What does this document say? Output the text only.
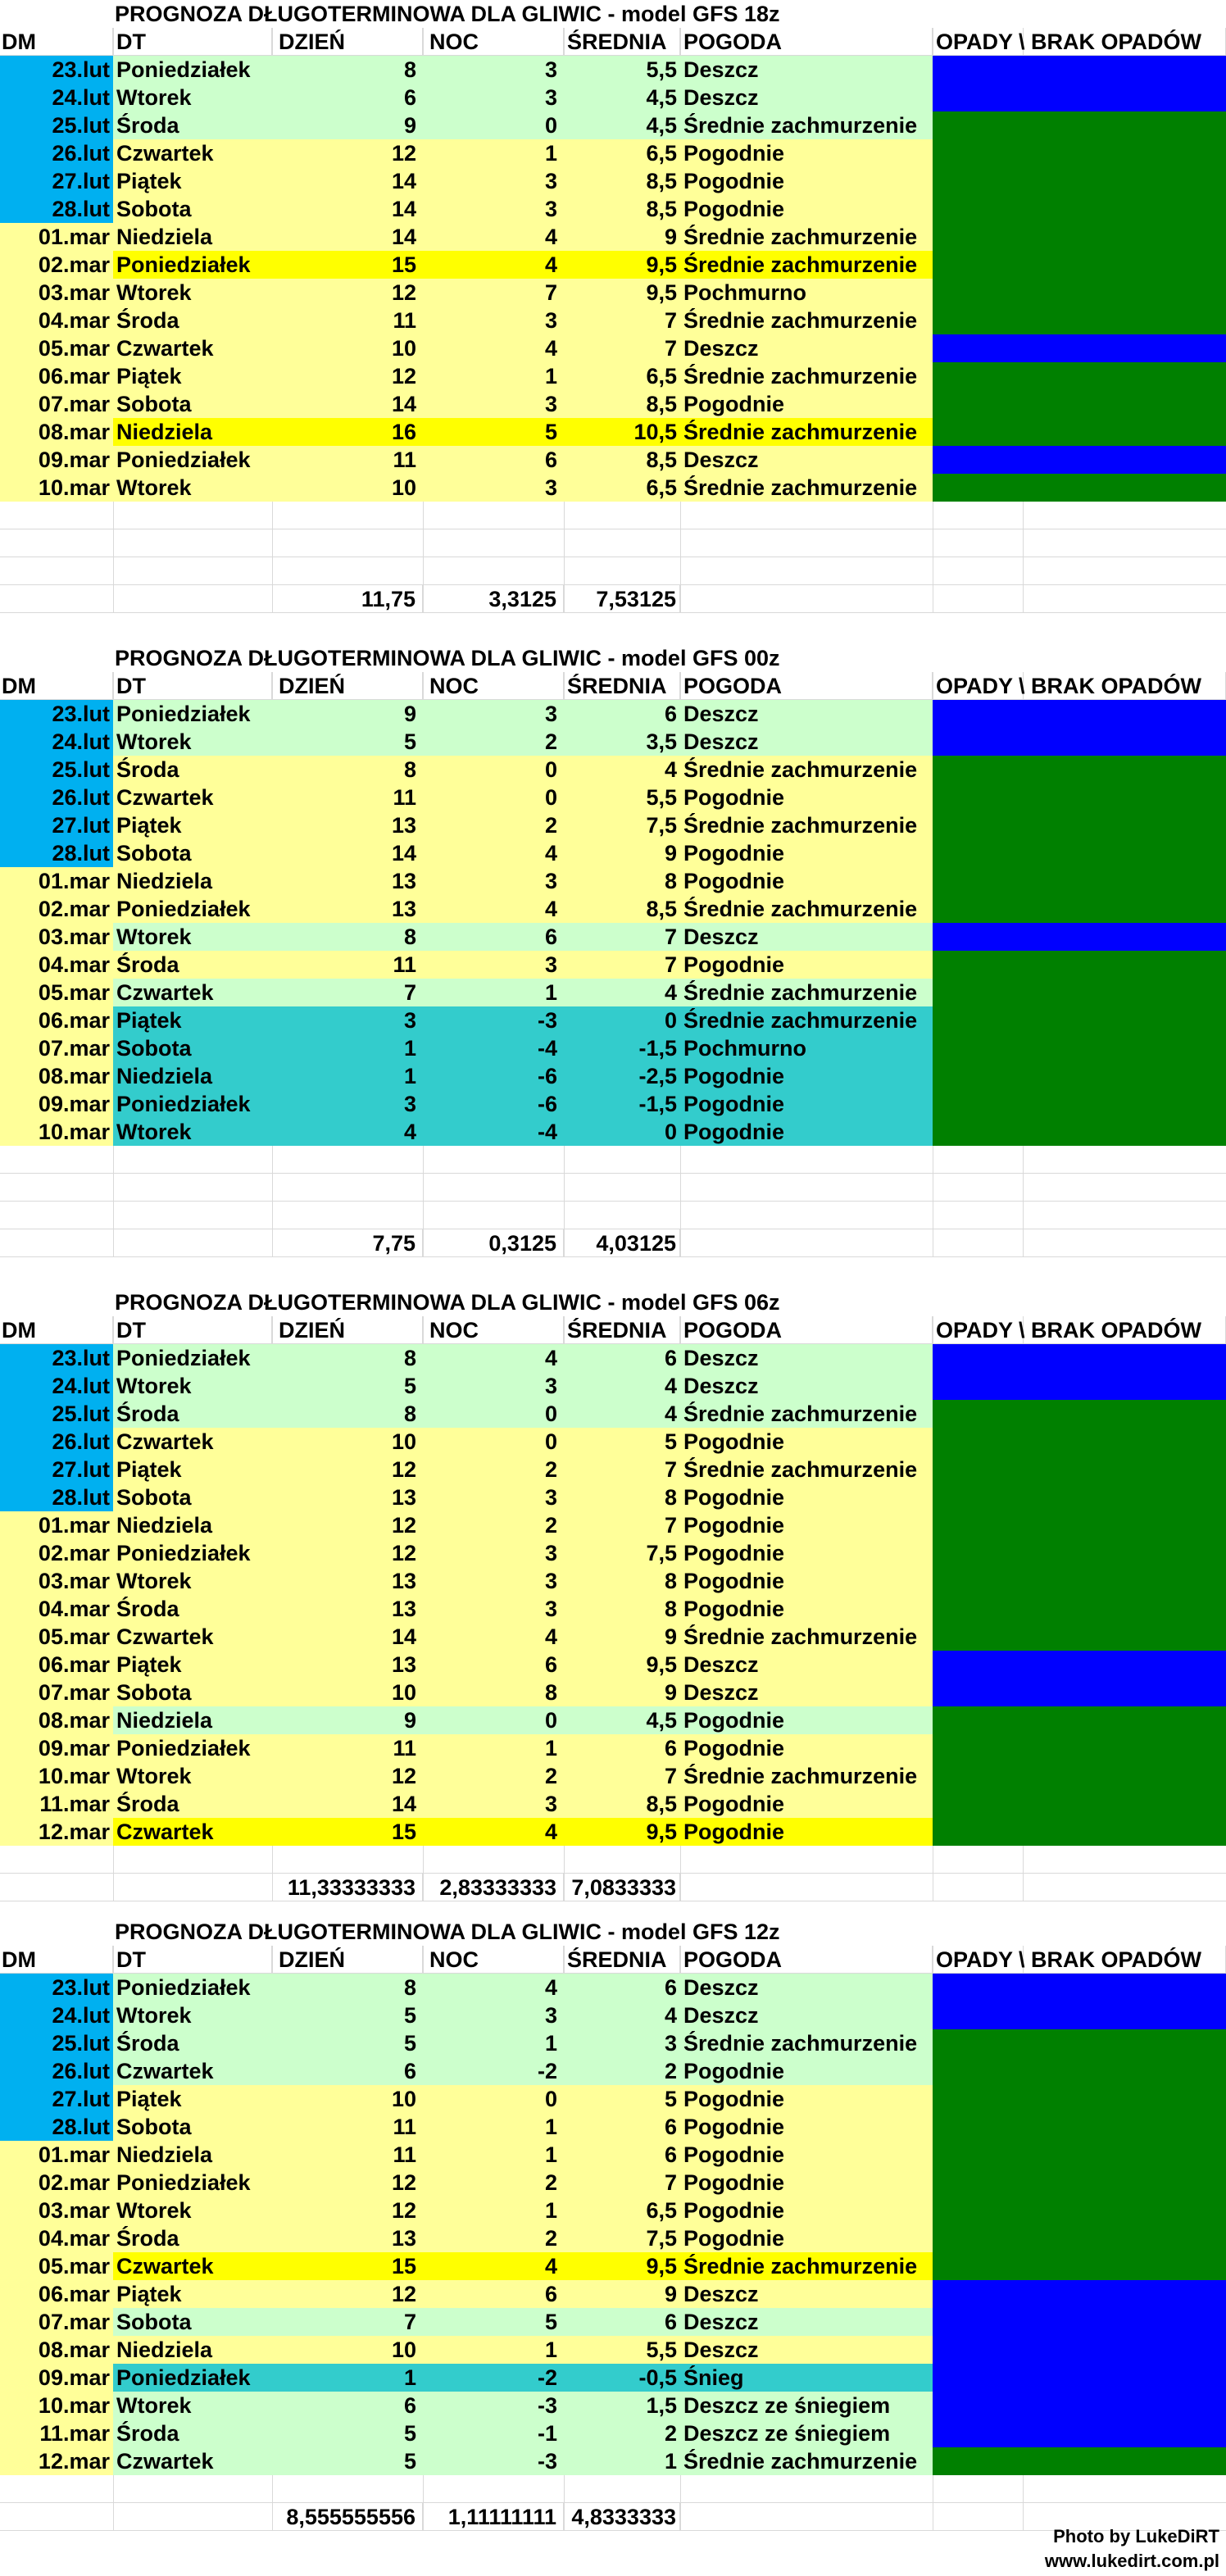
PROGNOZA DŁUGOTERMINOWA DLA GLIWIC - model GFS 18z
DM	DT	DZIEŃ	NOC	ŚREDNIA POGODA	OPADY \ BRAK OPADÓW
23.lut Poniedziałek	8	3	5,5 Deszcz
24.lut Wtorek	6	3	4,5 Deszcz
25.lut Środa	9	0	4,5 Średnie zachmurzenie
26.lut Czwartek	12	1	6,5 Pogodnie
27.lut Piątek	14	3	8,5 Pogodnie
28.lut Sobota	14	3	8,5 Pogodnie
01.mar Niedziela	14	4	9 Średnie zachmurzenie
02.mar Poniedziałek	15	4	9,5 Średnie zachmurzenie
03.mar Wtorek	12	7	9,5 Pochmurno
04.mar Środa	11	3	7 Średnie zachmurzenie
05.mar Czwartek	10	4	7 Deszcz
06.mar Piątek	12	1	6,5 Średnie zachmurzenie
07.mar Sobota	14	3	8,5 Pogodnie
08.mar Niedziela	16	5	10,5 Średnie zachmurzenie
09.mar Poniedziałek	11	6	8,5 Deszcz
10.mar Wtorek	10	3	6,5 Średnie zachmurzenie
11,75	3,3125	7,53125
PROGNOZA DŁUGOTERMINOWA DLA GLIWIC - model GFS 00z
DM	DT	DZIEŃ	NOC	ŚREDNIA POGODA	OPADY \ BRAK OPADÓW
23.lut Poniedziałek	9	3	6 Deszcz
24.lut Wtorek	5	2	3,5 Deszcz
25.lut Środa	8	0	4 Średnie zachmurzenie
26.lut Czwartek	11	0	5,5 Pogodnie
27.lut Piątek	13	2	7,5 Średnie zachmurzenie
28.lut Sobota	14	4	9 Pogodnie
01.mar Niedziela	13	3	8 Pogodnie
02.mar Poniedziałek	13	4	8,5 Średnie zachmurzenie
03.mar Wtorek	8	6	7 Deszcz
04.mar Środa	11	3	7 Pogodnie
05.mar Czwartek	7	1	4 Średnie zachmurzenie
06.mar Piątek	3	-3	0 Średnie zachmurzenie
07.mar Sobota	1	-4	-1,5 Pochmurno
08.mar Niedziela	1	-6	-2,5 Pogodnie
09.mar Poniedziałek	3	-6	-1,5 Pogodnie
10.mar Wtorek	4	-4	0 Pogodnie
7,75	0,3125	4,03125
PROGNOZA DŁUGOTERMINOWA DLA GLIWIC - model GFS 06z
DM	DT	DZIEŃ	NOC	ŚREDNIA POGODA	OPADY \ BRAK OPADÓW
23.lut Poniedziałek	8	4	6 Deszcz
24.lut Wtorek	5	3	4 Deszcz
25.lut Środa	8	0	4 Średnie zachmurzenie
26.lut Czwartek	10	0	5 Pogodnie
27.lut Piątek	12	2	7 Średnie zachmurzenie
28.lut Sobota	13	3	8 Pogodnie
01.mar Niedziela	12	2	7 Pogodnie
02.mar Poniedziałek	12	3	7,5 Pogodnie
03.mar Wtorek	13	3	8 Pogodnie
04.mar Środa	13	3	8 Pogodnie
05.mar Czwartek	14	4	9 Średnie zachmurzenie
06.mar Piątek	13	6	9,5 Deszcz
07.mar Sobota	10	8	9 Deszcz
08.mar Niedziela	9	0	4,5 Pogodnie
09.mar Poniedziałek	11	1	6 Pogodnie
10.mar Wtorek	12	2	7 Średnie zachmurzenie
11.mar Środa	14	3	8,5 Pogodnie
12.mar Czwartek	15	4	9,5 Pogodnie
11,33333333	2,83333333 7,0833333
PROGNOZA DŁUGOTERMINOWA DLA GLIWIC - model GFS 12z
DM	DT	DZIEŃ	NOC	ŚREDNIA POGODA	OPADY \ BRAK OPADÓW
23.lut Poniedziałek	8	4	6 Deszcz
24.lut Wtorek	5	3	4 Deszcz
25.lut Środa	5	1	3 Średnie zachmurzenie
26.lut Czwartek	6	-2	2 Pogodnie
27.lut Piątek	10	0	5 Pogodnie
28.lut Sobota	11	1	6 Pogodnie
01.mar Niedziela	11	1	6 Pogodnie
02.mar Poniedziałek	12	2	7 Pogodnie
03.mar Wtorek	12	1	6,5 Pogodnie
04.mar Środa	13	2	7,5 Pogodnie
05.mar Czwartek	15	4	9,5 Średnie zachmurzenie
06.mar Piątek	12	6	9 Deszcz
07.mar Sobota	7	5	6 Deszcz
08.mar Niedziela	10	1	5,5 Deszcz
09.mar Poniedziałek	1	-2	-0,5 Śnieg
10.mar Wtorek	6	-3	1,5 Deszcz ze śniegiem
11.mar Środa	5	-1	2 Deszcz ze śniegiem
12.mar Czwartek	5	-3	1 Średnie zachmurzenie
8,555555556	1,11111111 4,8333333
Photo by LukeDiRT
www.lukedirt.com.pl
